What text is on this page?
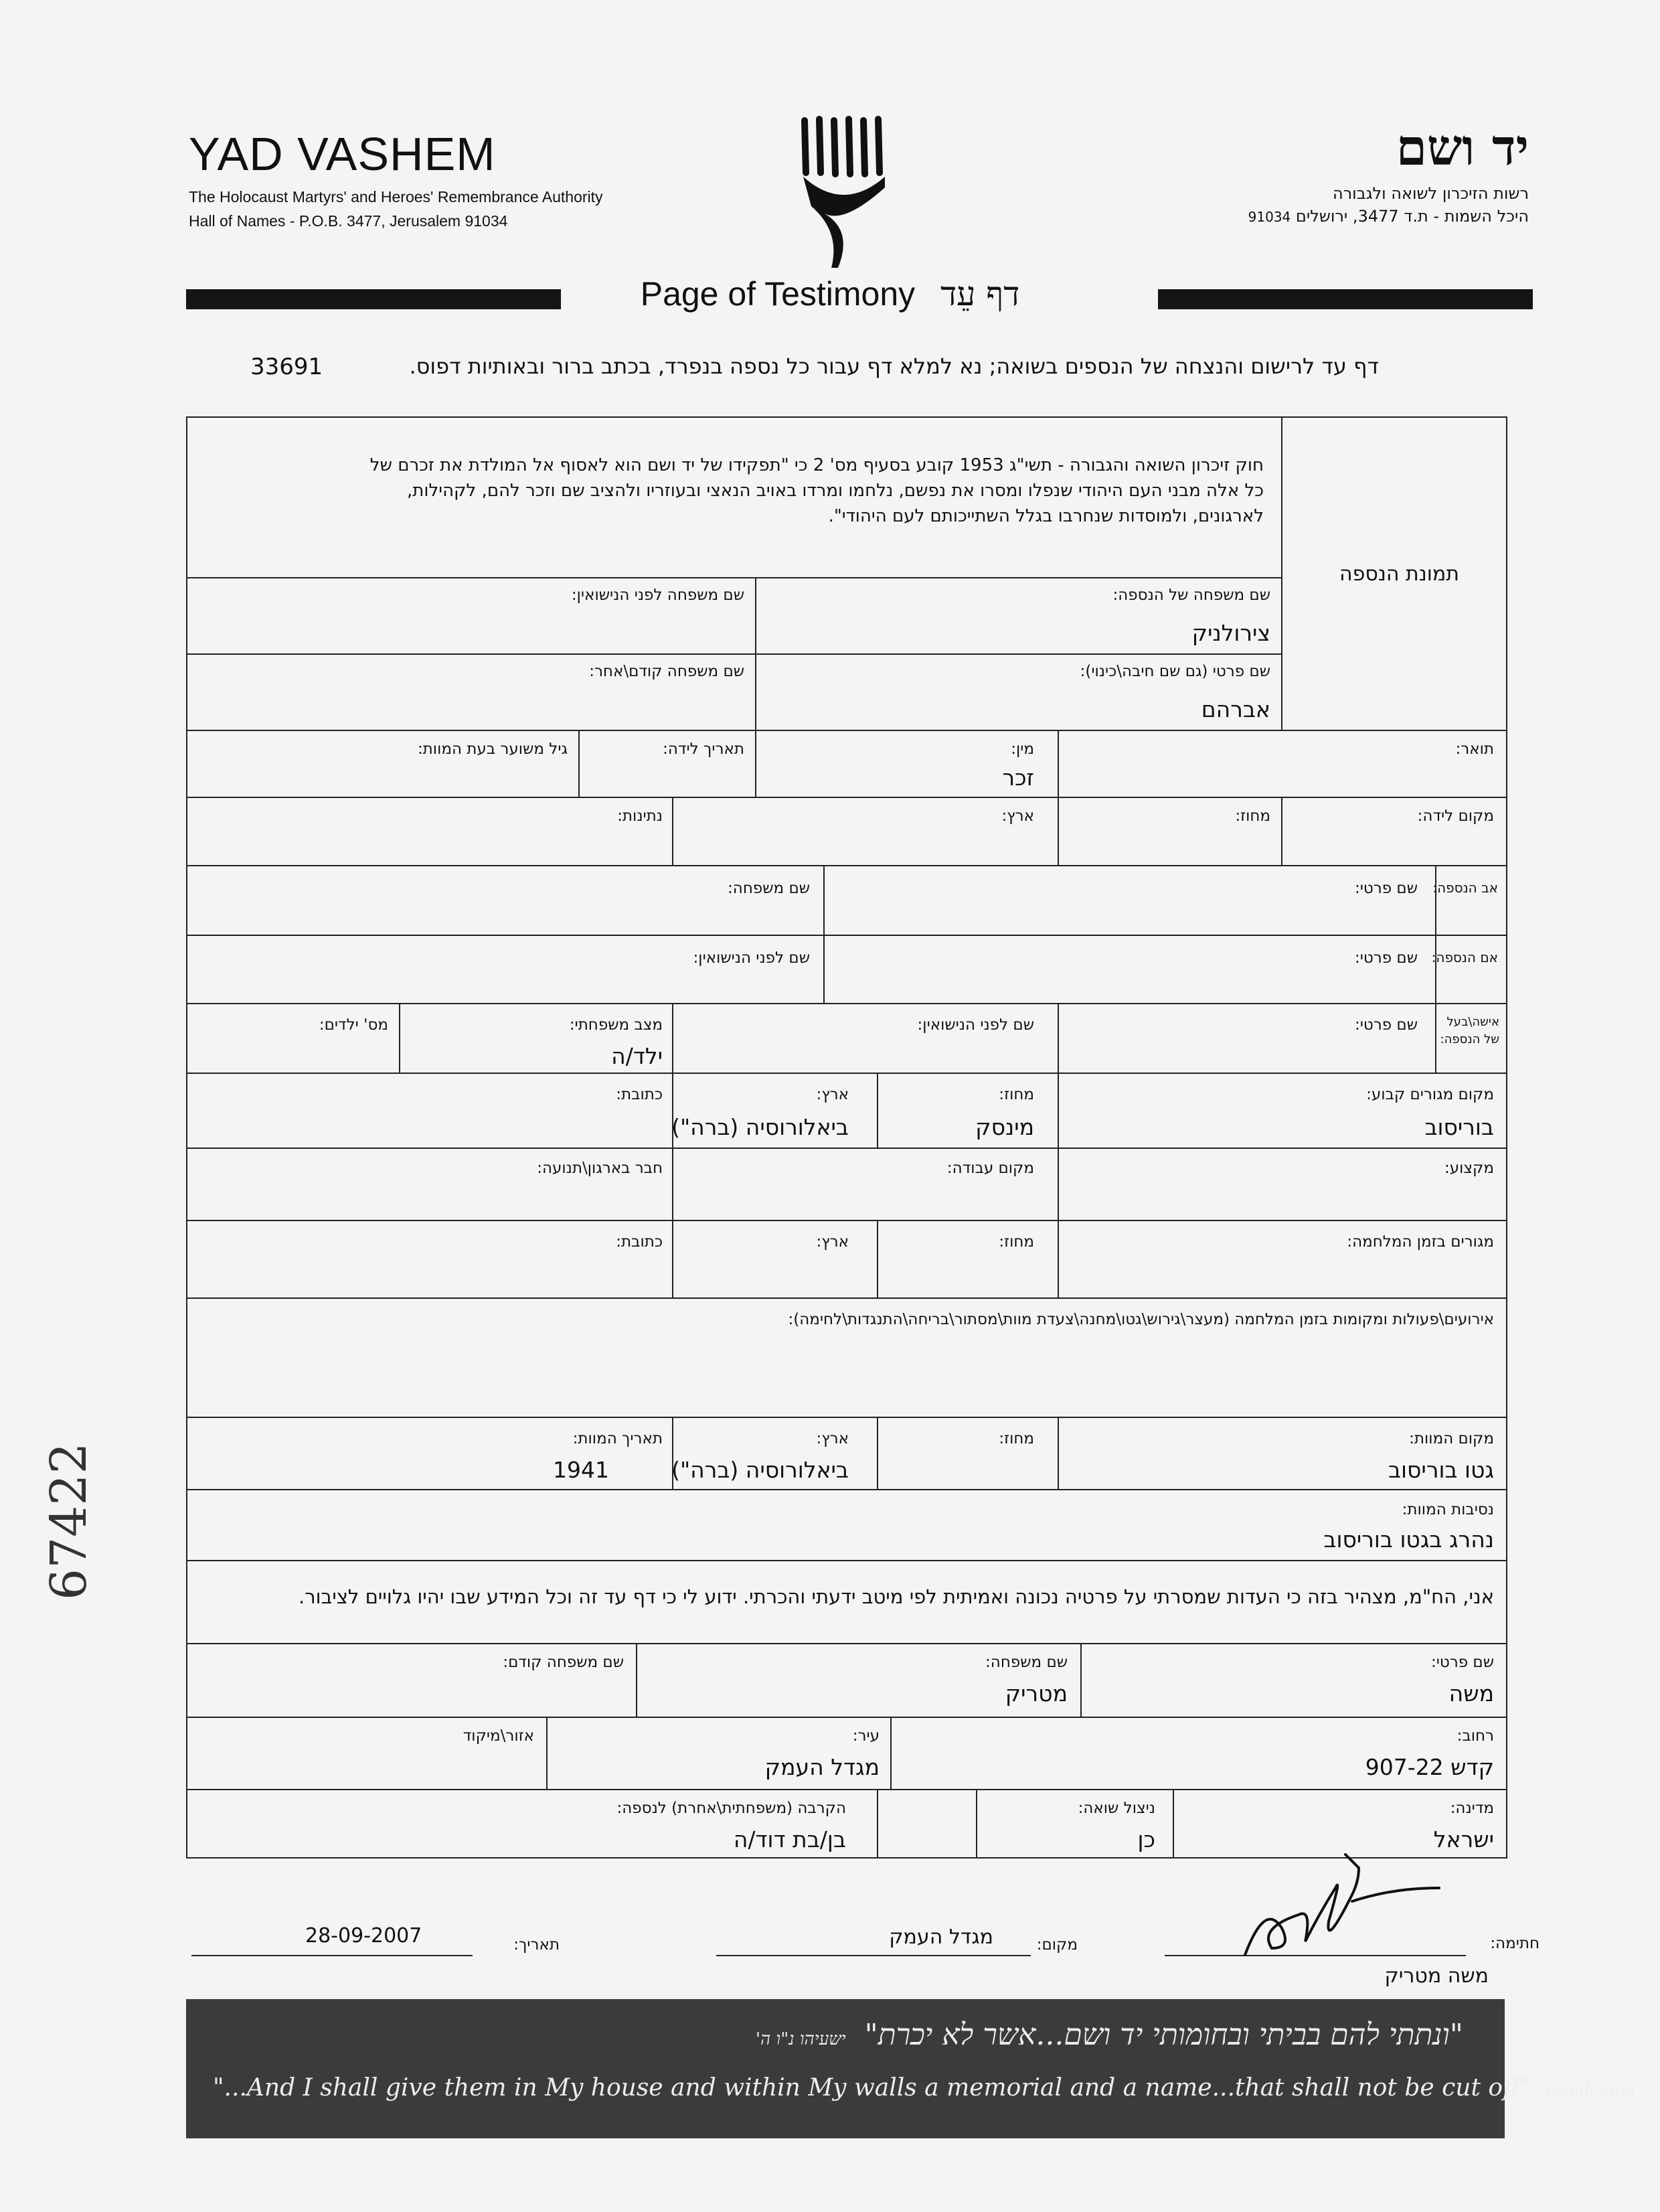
YAD VASHEM
The Holocaust Martyrs' and Heroes' Remembrance Authority
Hall of Names - P.O.B. 3477, Jerusalem 91034
יד ושם
רשות הזיכרון לשואה ולגבורה
היכל השמות - ת.ד 3477, ירושלים 91034
Page of Testimony דף עֵד
דף עד לרישום והנצחה של הנספים בשואה; נא למלא דף עבור כל נספה בנפרד, בכתב ברור ובאותיות דפוס.
33691
תמונת הנספה
חוק זיכרון השואה והגבורה - תשי"ג 1953 קובע בסעיף מס' 2 כי "תפקידו של יד ושם הוא לאסוף אל המולדת את זכרם של
כל אלה מבני העם היהודי שנפלו ומסרו את נפשם, נלחמו ומרדו באויב הנאצי ובעוזריו ולהציב שם וזכר להם, לקהילות,
לארגונים, ולמוסדות שנחרבו בגלל השתייכותם לעם היהודי".
שם משפחה של הנספה:
צירולניק
שם משפחה לפני הנישואין:
שם פרטי (גם שם חיבה\כינוי):
אברהם
שם משפחה קודם\אחר:
תואר:
מין:
זכר
תאריך לידה:
גיל משוער בעת המוות:
מקום לידה:
מחוז:
ארץ:
נתינות:
אב הנספה:
שם פרטי:
שם משפחה:
אם הנספה:
שם פרטי:
שם לפני הנישואין:
אישה\בעל
של הנספה:
שם פרטי:
שם לפני הנישואין:
מצב משפחתי:
ילד/ה
מס' ילדים:
מקום מגורים קבוע:
בוריסוב
מחוז:
מינסק
ארץ:
ביאלורוסיה (ברה")
כתובת:
מקצוע:
מקום עבודה:
חבר בארגון\תנועה:
מגורים בזמן המלחמה:
מחוז:
ארץ:
כתובת:
אירועים\פעולות ומקומות בזמן המלחמה (מעצר\גירוש\גטו\מחנה\צעדת מוות\מסתור\בריחה\התנגדות\לחימה):
מקום המוות:
גטו בוריסוב
מחוז:
ארץ:
ביאלורוסיה (ברה")
תאריך המוות:
1941
נסיבות המוות:
נהרג בגטו בוריסוב
אני, הח"מ, מצהיר בזה כי העדות שמסרתי על פרטיה נכונה ואמיתית לפי מיטב ידעתי והכרתי. ידוע לי כי דף עד זה וכל המידע שבו יהיו גלויים לציבור.
שם פרטי:
משה
שם משפחה:
מטריק
שם משפחה קודם:
רחוב:
קדש 907-22
עיר:
מגדל העמק
אזור\מיקוד
מדינה:
ישראל
ניצול שואה:
כן
הקרבה (משפחתית\אחרת) לנספה:
בן/בת דוד/ה
חתימה:
משה מטריק
מקום:
מגדל העמק
תאריך:
28-09-2007
"ונתתי להם בביתי ובחומותי יד ושם...אשר לא יכרת" ישעיהו נ"ו ה'
"...And I shall give them in My house and within My walls a memorial and a name...that shall not be cut off" Isaiah 56:5
67422
